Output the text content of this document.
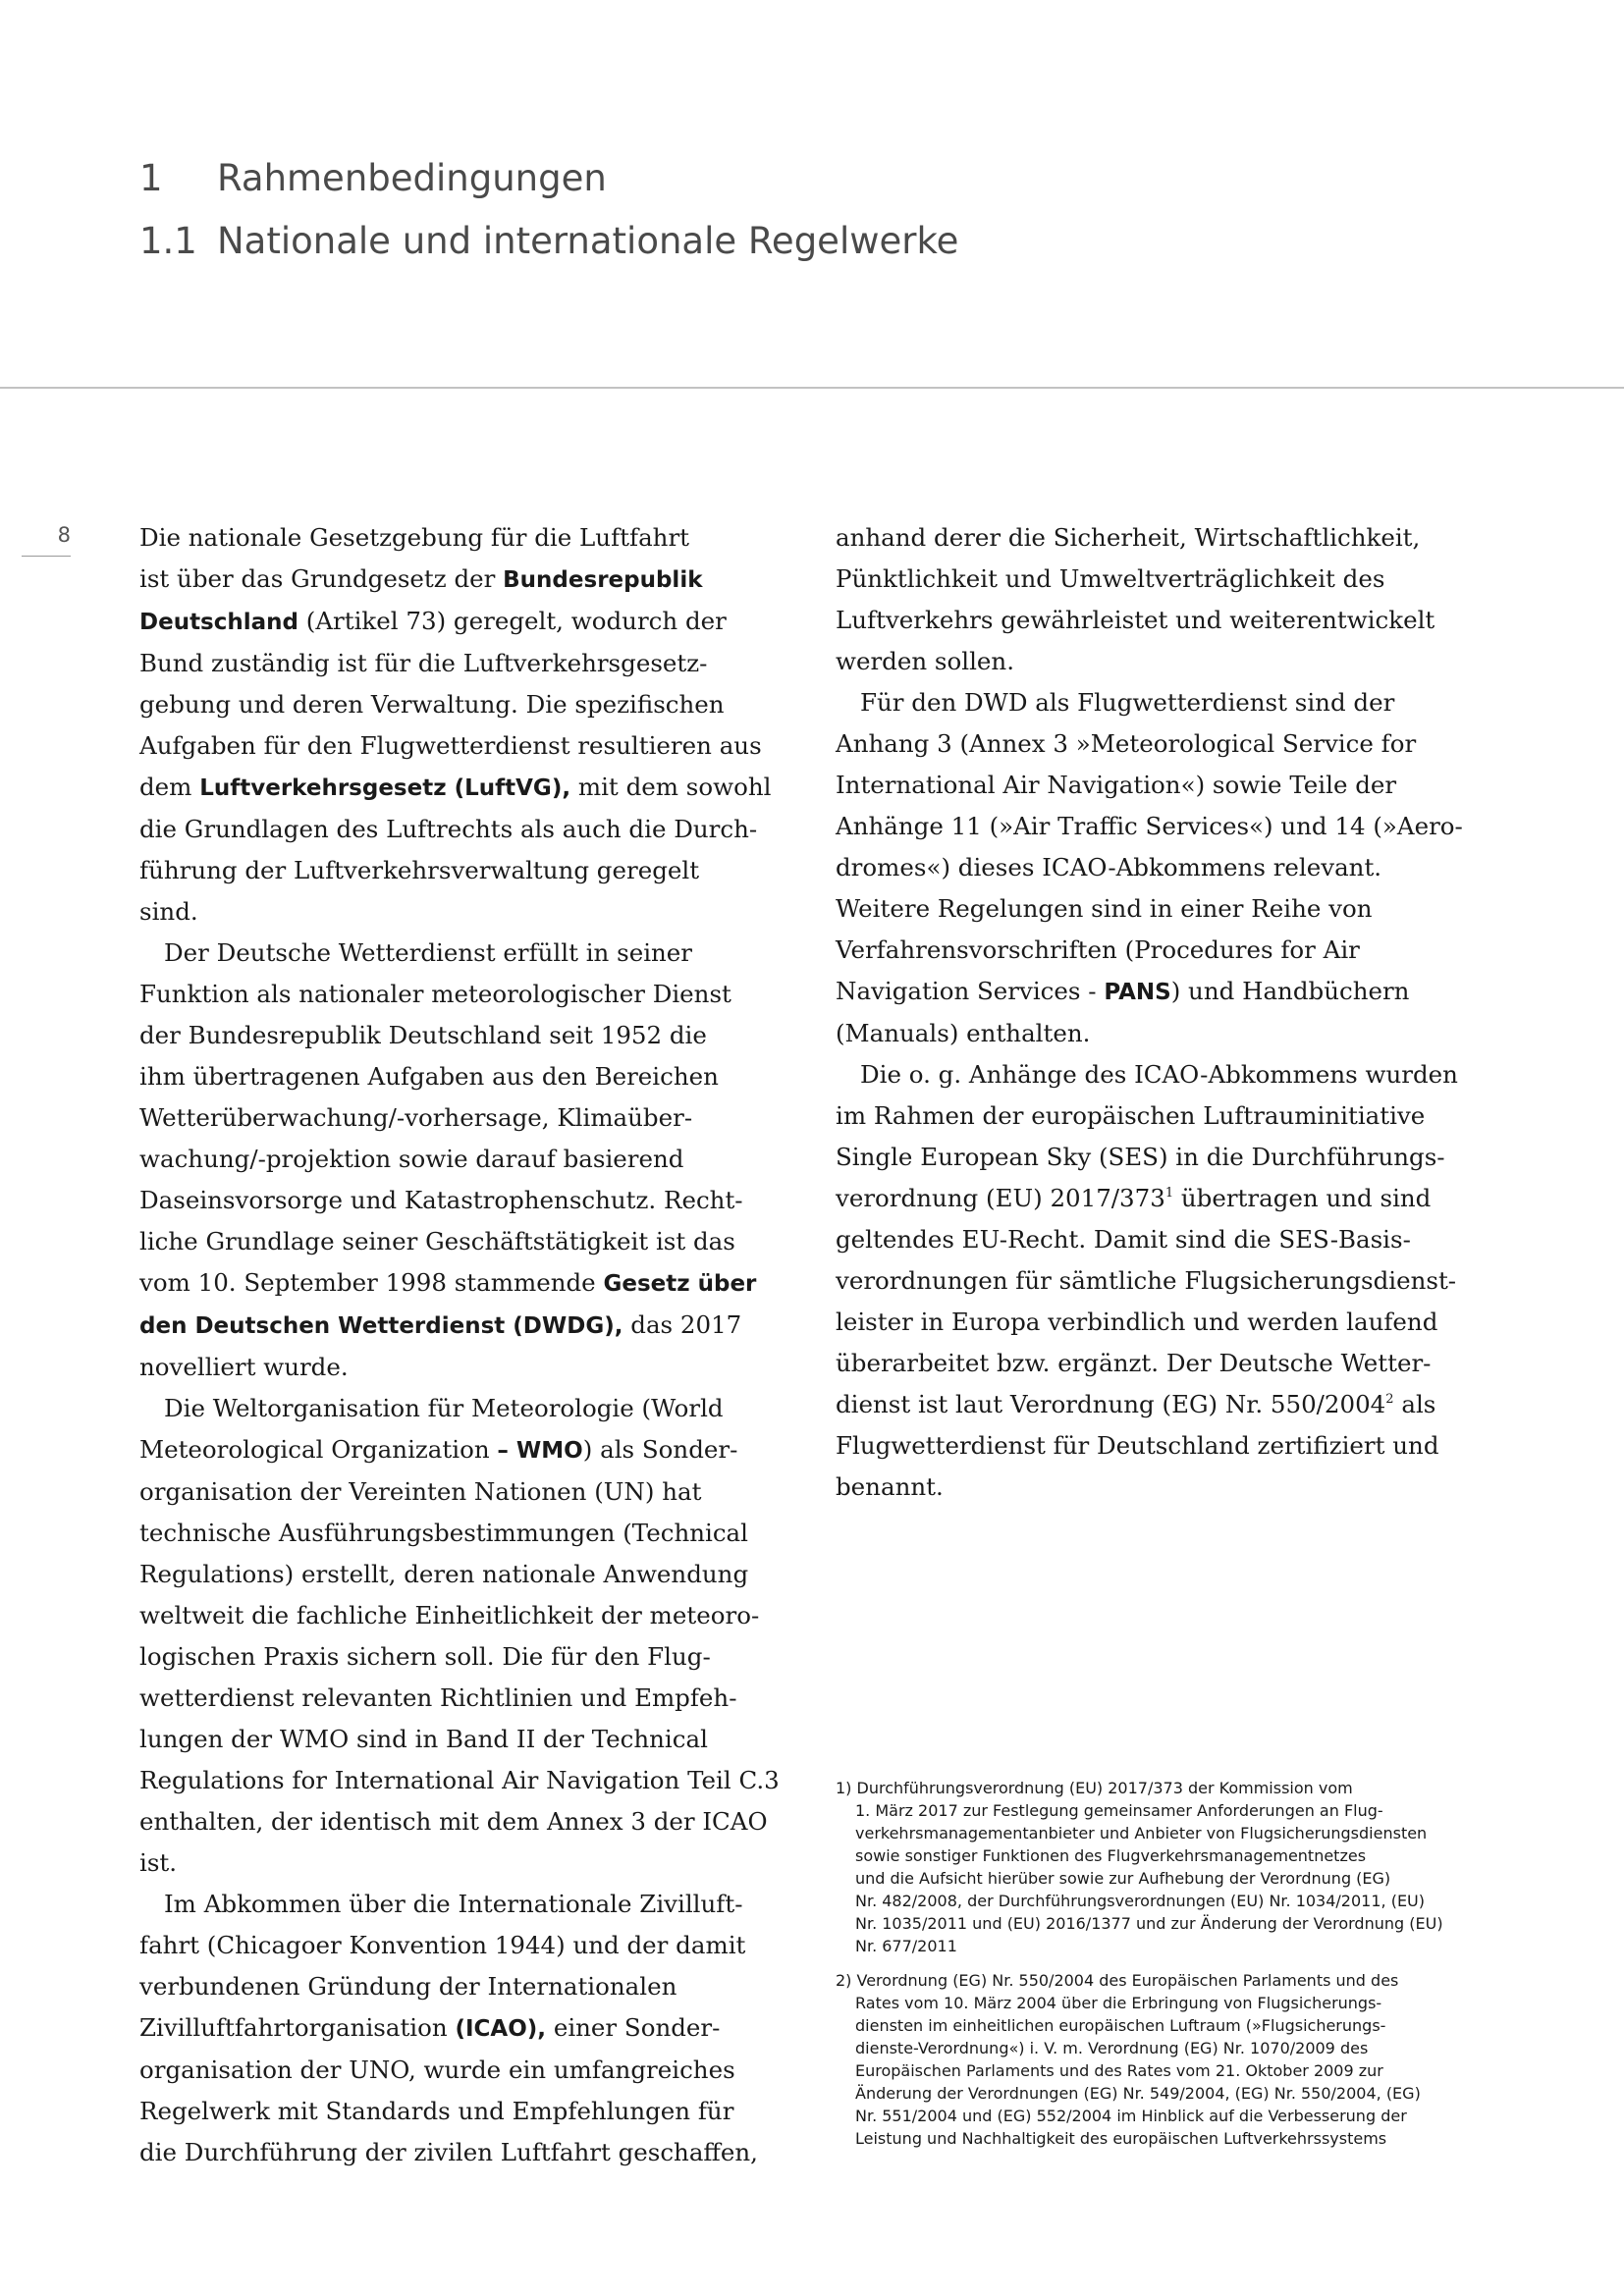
1 Rahmenbedingungen
1.1 Nationale und internationale Regelwerke
8	Die nationale Gesetzgebung für die Luftfahrt

ist über das Grundgesetz der Bundesrepublik

Deutschland (Artikel 73) geregelt, wodurch der

Bund zuständig ist für die Luftverkehrsgesetz-

gebung und deren Verwaltung. Die spezifischen

Aufgaben für den Flugwetterdienst resultieren aus

dem Luftverkehrsgesetz (LuftVG), mit dem sowohl

die Grundlagen des Luftrechts als auch die Durch-

führung der Luftverkehrsverwaltung geregelt

sind.

Der Deutsche Wetterdienst erfüllt in seiner

Funktion als nationaler meteorologischer Dienst

der Bundesrepublik Deutschland seit 1952 die

ihm übertragenen Aufgaben aus den Bereichen

Wetterüberwachung/-vorhersage, Klimaüber-

wachung/-projektion sowie darauf basierend

Daseinsvorsorge und Katastrophenschutz. Recht-

liche Grundlage seiner Geschäftstätigkeit ist das

vom 10. September 1998 stammende Gesetz über

den Deutschen Wetterdienst (DWDG), das 2017

novelliert wurde.

Die Weltorganisation für Meteorologie (World

Meteorological Organization – WMO) als Sonder-

organisation der Vereinten Nationen (UN) hat

technische Ausführungsbestimmungen (Technical

Regulations) erstellt, deren nationale Anwendung

weltweit die fachliche Einheitlichkeit der meteoro-

logischen Praxis sichern soll. Die für den Flug-

wetterdienst relevanten Richtlinien und Empfeh-

lungen der WMO sind in Band II der Technical

Regulations for International Air Navigation Teil C.3

enthalten, der identisch mit dem Annex 3 der ICAO

ist.

Im Abkommen über die Internationale Zivilluft-

fahrt (Chicagoer Konvention 1944) und der damit

verbundenen Gründung der Internationalen

Zivilluftfahrtorganisation (ICAO), einer Sonder-

organisation der UNO, wurde ein umfangreiches

Regelwerk mit Standards und Empfehlungen für

die Durchführung der zivilen Luftfahrt geschaffen,

anhand derer die Sicherheit, Wirtschaftlichkeit,

Pünktlichkeit und Umweltverträglichkeit des

Luftverkehrs gewährleistet und weiterentwickelt

werden sollen.

Für den DWD als Flugwetterdienst sind der

Anhang 3 (Annex 3 »Meteorological Service for

International Air Navigation«) sowie Teile der

Anhänge 11 (»Air Traffic Services«) und 14 (»Aero-

dromes«) dieses ICAO-Abkommens relevant.

Weitere Regelungen sind in einer Reihe von

Verfahrensvorschriften (Procedures for Air

Navigation Services - PANS) und Handbüchern

(Manuals) enthalten.

Die o. g. Anhänge des ICAO-Abkommens wurden

im Rahmen der europäischen Luftrauminitiative

Single European Sky (SES) in die Durchführungs-

verordnung (EU) $2017/373^1$ übertragen und sind

geltendes EU-Recht. Damit sind die SES-Basis-

verordnungen für sämtliche Flugsicherungsdienst-

leister in Europa verbindlich und werden laufend

überarbeitet bzw. ergänzt. Der Deutsche Wetter-

dienst ist laut Verordnung (EG) Nr. 550/2004$^2$ als

Flugwetterdienst für Deutschland zertifiziert und

benannt.

1) Durchführungsverordnung (EU) 2017/373 der Kommission vom
1. März 2017 zur Festlegung gemeinsamer Anforderungen an Flug-
verkehrsmanagementanbieter und Anbieter von Flugsicherungsdiensten
sowie sonstiger Funktionen des Flugverkehrsmanagementnetzes
und die Aufsicht hierüber sowie zur Aufhebung der Verordnung (EG)
Nr. 482/2008, der Durchführungsverordnungen (EU) Nr. 1034/2011, (EU)
Nr. 1035/2011 und (EU) 2016/1377 und zur Änderung der Verordnung (EU)
Nr. 677/2011
2) Verordnung (EG) Nr. 550/2004 des Europäischen Parlaments und des
Rates vom 10. März 2004 über die Erbringung von Flugsicherungs-
diensten im einheitlichen europäischen Luftraum (»Flugsicherungs-
dienste-Verordnung«) i. V. m. Verordnung (EG) Nr. 1070/2009 des
Europäischen Parlaments und des Rates vom 21. Oktober 2009 zur
Änderung der Verordnungen (EG) Nr. 549/2004, (EG) Nr. 550/2004, (EG)
Nr. 551/2004 und (EG) 552/2004 im Hinblick auf die Verbesserung der
Leistung und Nachhaltigkeit des europäischen Luftverkehrssystems
